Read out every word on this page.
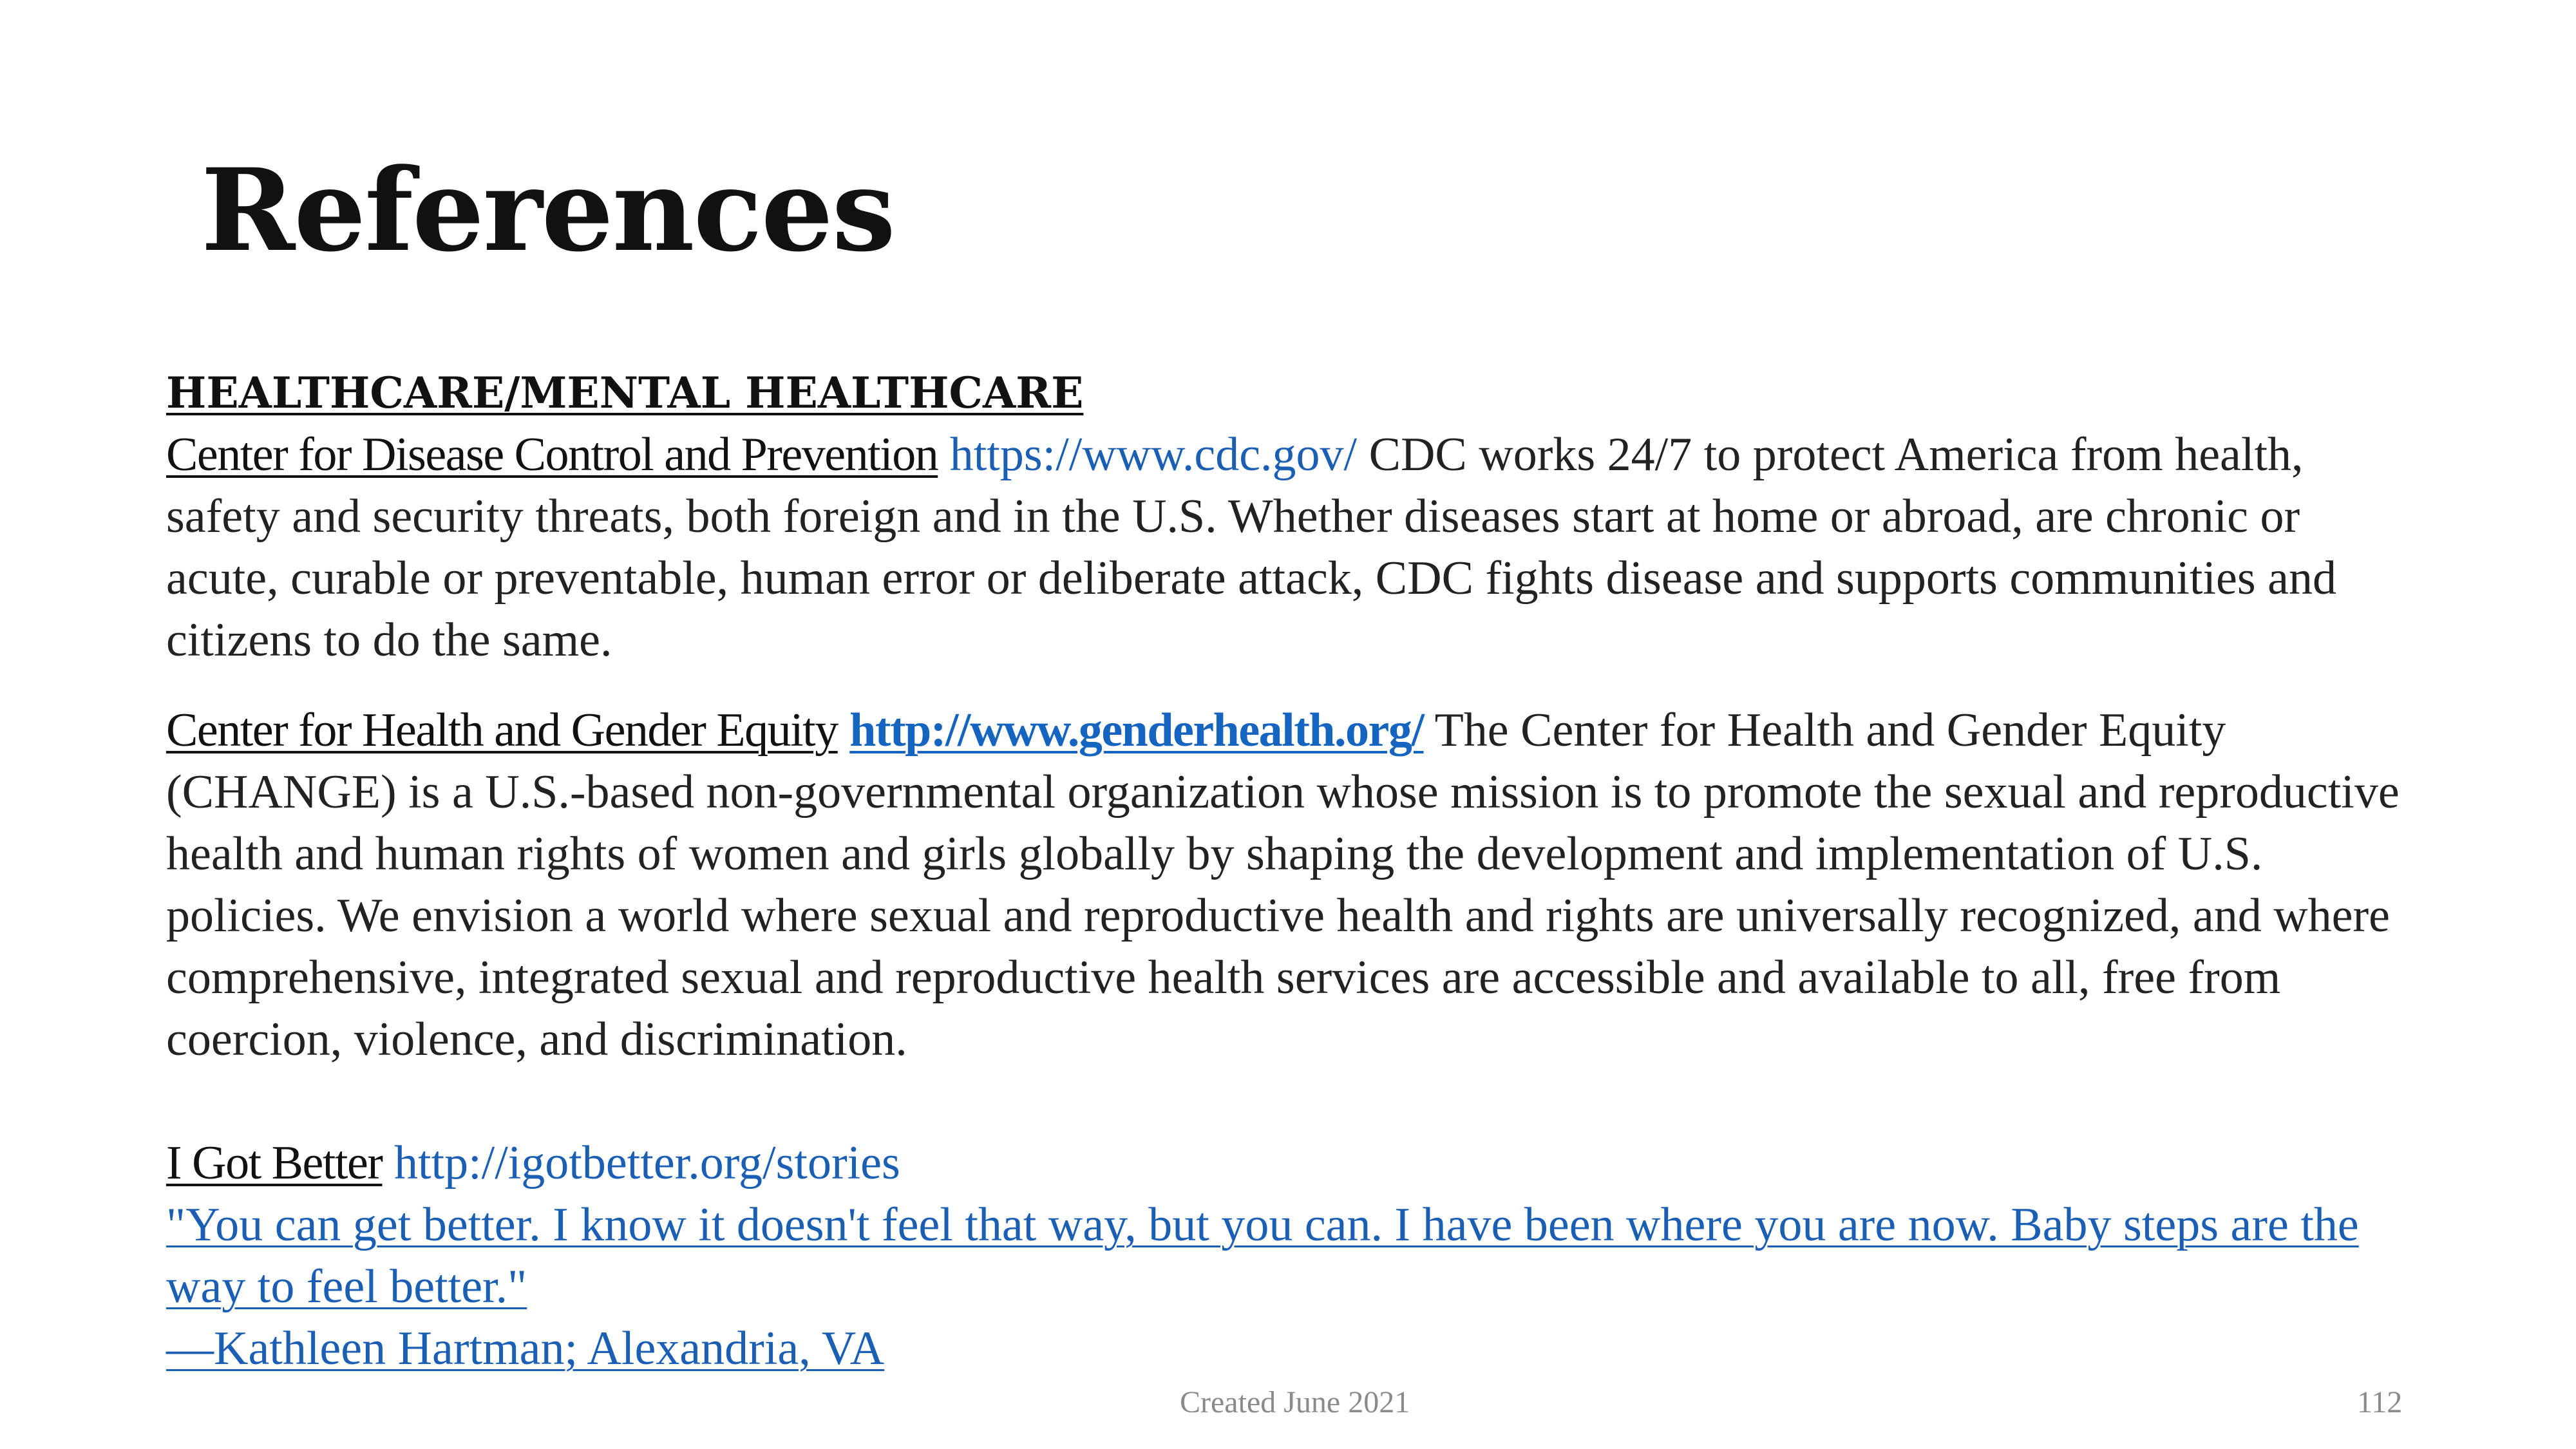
References
HEALTHCARE/MENTAL HEALTHCARE

Center for Disease Control and Prevention https://www.cdc.gov/ CDC works 24/7 to protect America from health, safety and security threats, both foreign and in the U.S. Whether diseases start at home or abroad, are chronic or acute, curable or preventable, human error or deliberate attack, CDC fights disease and supports communities and citizens to do the same.

Center for Health and Gender Equity http://www.genderhealth.org/ The Center for Health and Gender Equity (CHANGE) is a U.S.-based non-governmental organization whose mission is to promote the sexual and reproductive health and human rights of women and girls globally by shaping the development and implementation of U.S. policies. We envision a world where sexual and reproductive health and rights are universally recognized, and where comprehensive, integrated sexual and reproductive health services are accessible and available to all, free from coercion, violence, and discrimination.

I Got Better http://igotbetter.org/stories
"You can get better. I know it doesn't feel that way, but you can. I have been where you are now. Baby steps are the way to feel better."
—Kathleen Hartman; Alexandria, VA
Created June 2021	112
